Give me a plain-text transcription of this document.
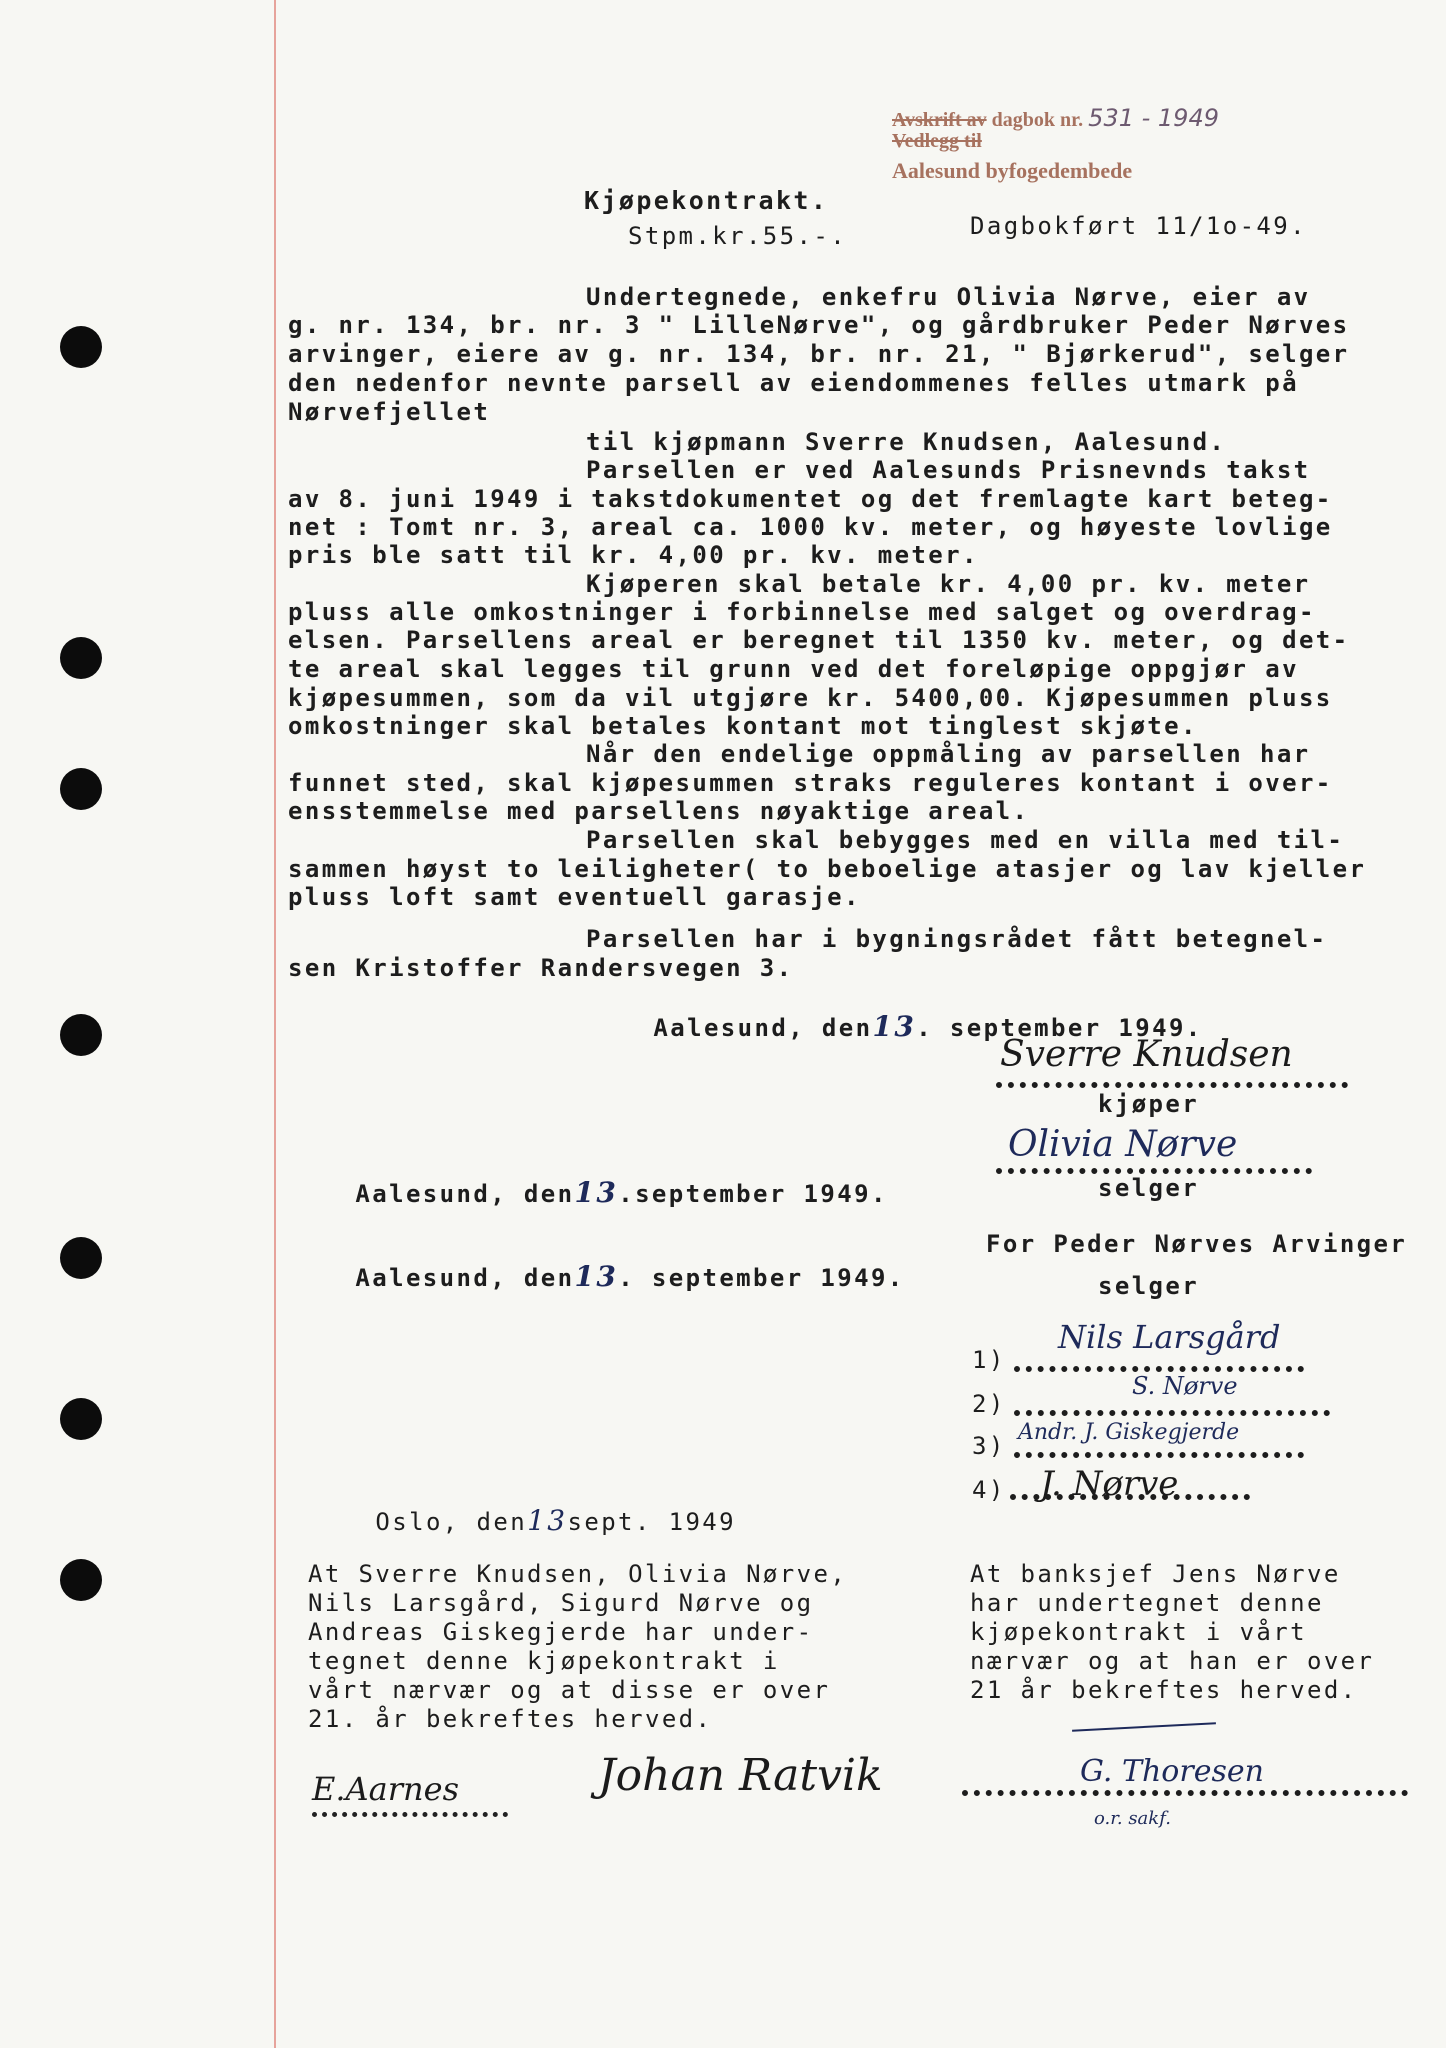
Avskrift av dagbok nr. 531 - 1949
Vedlegg til
Aalesund byfogedembede
Kjøpekontrakt.
Stpm.kr.55.-.	Dagbokført 11/1o-49.
Undertegnede, enkefru Olivia Nørve, eier av
g. nr. 134, br. nr. 3 " LilleNørve", og gårdbruker Peder Nørves
arvinger, eiere av g. nr. 134, br. nr. 21, " Bjørkerud", selger
den nedenfor nevnte parsell av eiendommenes felles utmark på
Nørvefjellet
til kjøpmann Sverre Knudsen, Aalesund.
Parsellen er ved Aalesunds Prisnevnds takst
av 8. juni 1949 i takstdokumentet og det fremlagte kart beteg-
net : Tomt nr. 3, areal ca. 1000 kv. meter, og høyeste lovlige
pris ble satt til kr. 4,00 pr. kv. meter.
Kjøperen skal betale kr. 4,00 pr. kv. meter
pluss alle omkostninger i forbinnelse med salget og overdrag-
elsen. Parsellens areal er beregnet til 1350 kv. meter, og det-
te areal skal legges til grunn ved det foreløpige oppgjør av
kjøpesummen, som da vil utgjøre kr. 5400,00. Kjøpesummen pluss
omkostninger skal betales kontant mot tinglest skjøte.
Når den endelige oppmåling av parsellen har
funnet sted, skal kjøpesummen straks reguleres kontant i over-
ensstemmelse med parsellens nøyaktige areal.
Parsellen skal bebygges med en villa med til-
sammen høyst to leiligheter( to beboelige atasjer og lav kjeller
pluss loft samt eventuell garasje.
Parsellen har i bygningsrådet fått betegnel-
sen Kristoffer Randersvegen 3.

Aalesund, den13. september 1949.

Sverre Knudsen
kjøper

Aalesund, den13.september 1949.

Olivia Nørve
selger

Aalesund, den13. september 1949.

For Peder Nørves Arvinger
selger
1)
Nils Larsgård
2)
S. Nørve
3) Andr. J. Giskegjerde
4) J. Nørve

Oslo, den13sept. 1949

At Sverre Knudsen, Olivia Nørve,
Nils Larsgård, Sigurd Nørve og
Andreas Giskegjerde har under-
tegnet denne kjøpekontrakt i
vårt nærvær og at disse er over
21. år bekreftes herved.
At banksjef Jens Nørve
har undertegnet denne
kjøpekontrakt i vårt
nærvær og at han er over
21 år bekreftes herved.
E.Aarnes	Johan Ratvik	G. Thoresen
o.r. sakf.
